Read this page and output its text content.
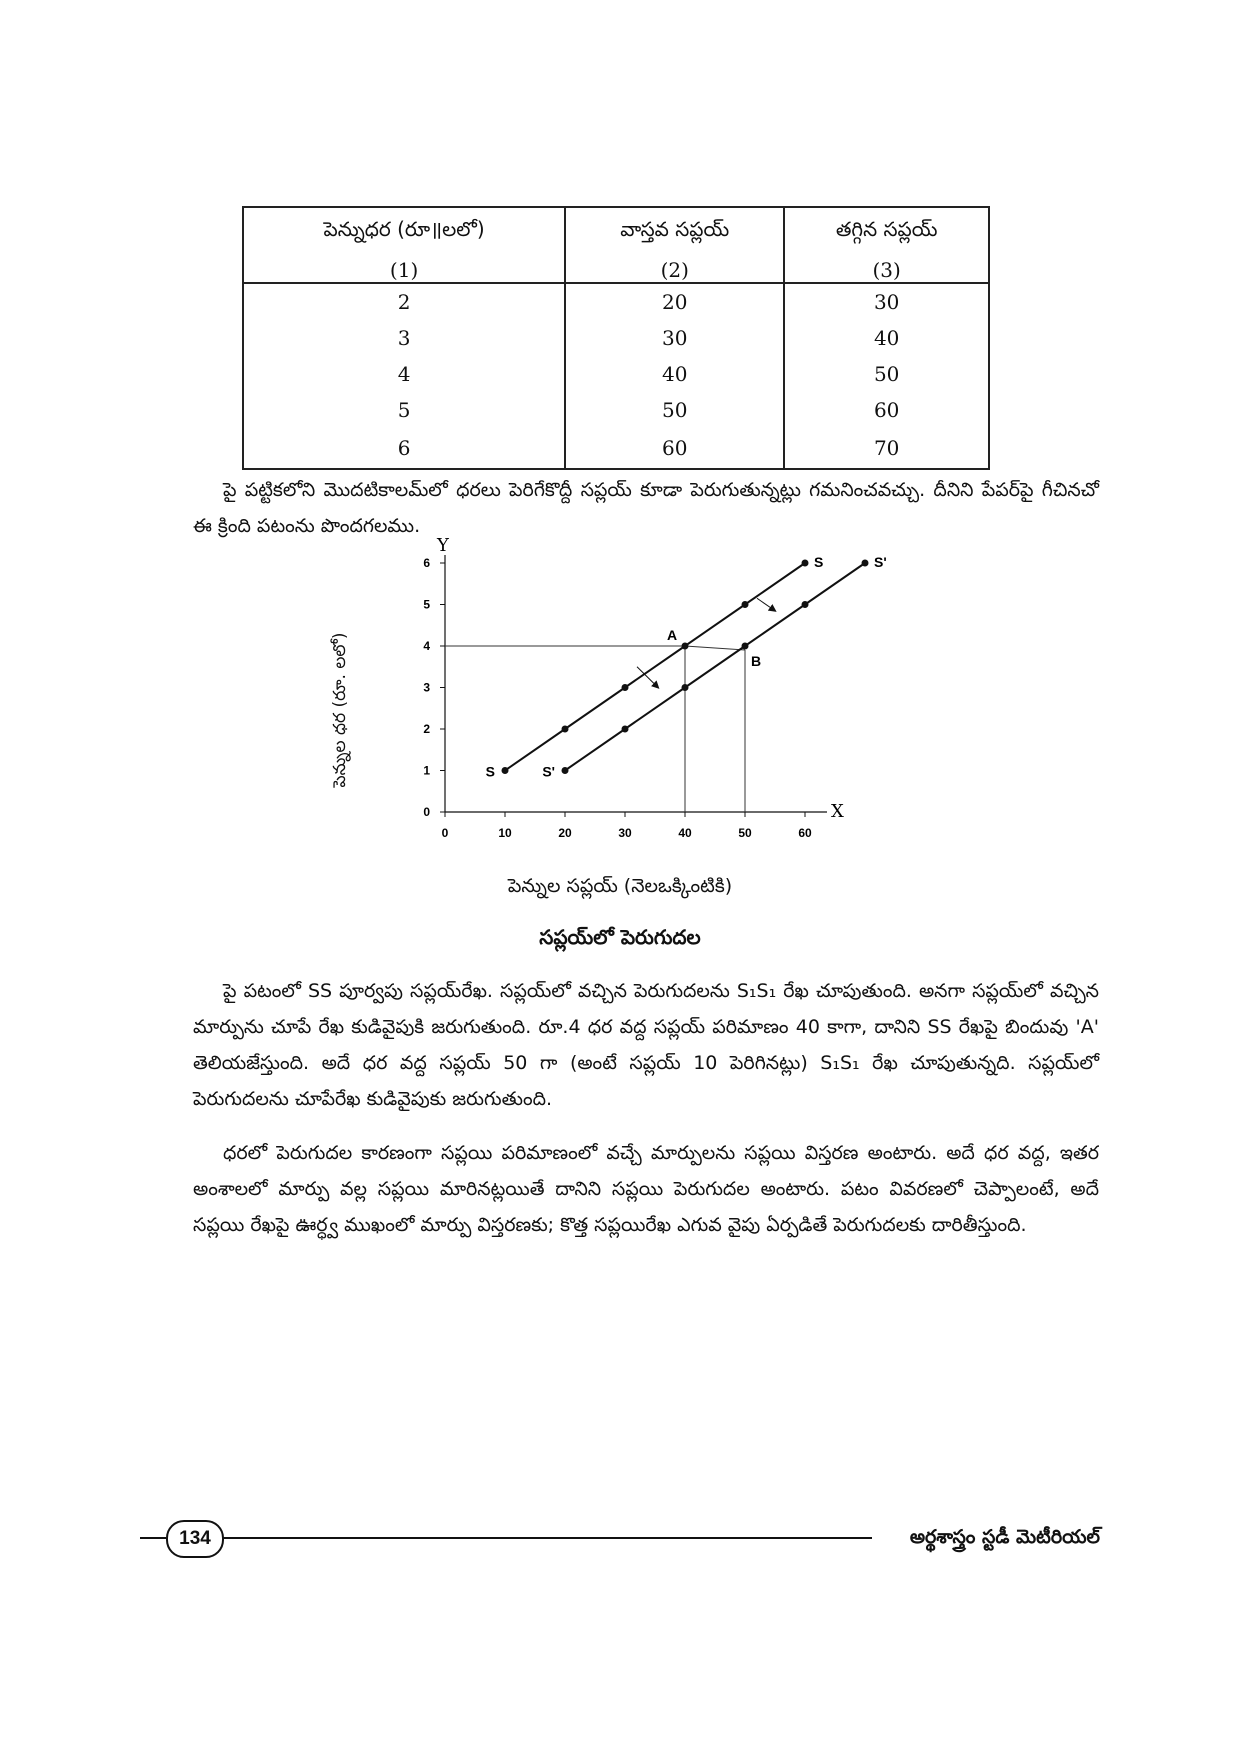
పెన్నుధర (రూ॥లలో)	వాస్తవ సప్లయ్	తగ్గిన సప్లయ్
(1)	(2)	(3)
2	20	30
3	30	40
4	40	50
5	50	60
6	60	70

పై పట్టికలోని మొదటికాలమ్‌లో ధరలు పెరిగేకొద్దీ సప్లయ్ కూడా పెరుగుతున్నట్లు గమనించవచ్చు. దీనిని పేపర్‌పై గీచినచో ఈ క్రింది పటంను పొందగలము.

X
Y
0	10	20	30	40	50	60
0
1
2
3
4
5
6
S
S
S'
S'
A
B
పెన్నుల ధర (రూ. లలో)

పెన్నుల సప్లయ్ (నెలఒక్కింటికి)

సప్లయ్‌లో పెరుగుదల

పై పటంలో SS పూర్వపు సప్లయ్‌రేఖ. సప్లయ్‌లో వచ్చిన పెరుగుదలను S₁S₁ రేఖ చూపుతుంది. అనగా సప్లయ్‌లో వచ్చిన మార్పును చూపే రేఖ కుడివైపుకి జరుగుతుంది. రూ.4 ధర వద్ద సప్లయ్ పరిమాణం 40 కాగా, దానిని SS రేఖపై బిందువు 'A' తెలియజేస్తుంది. అదే ధర వద్ద సప్లయ్ 50 గా (అంటే సప్లయ్ 10 పెరిగినట్లు) S₁S₁ రేఖ చూపుతున్నది. సప్లయ్‌లో పెరుగుదలను చూపేరేఖ కుడివైపుకు జరుగుతుంది.

ధరలో పెరుగుదల కారణంగా సప్లయి పరిమాణంలో వచ్చే మార్పులను సప్లయి విస్తరణ అంటారు. అదే ధర వద్ద, ఇతర అంశాలలో మార్పు వల్ల సప్లయి మారినట్లయితే దానిని సప్లయి పెరుగుదల అంటారు. పటం వివరణలో చెప్పాలంటే, అదే సప్లయి రేఖపై ఊర్ధ్వ ముఖంలో మార్పు విస్తరణకు; కొత్త సప్లయిరేఖ ఎగువ వైపు ఏర్పడితే పెరుగుదలకు దారితీస్తుంది.

134	అర్థశాస్త్రం స్టడీ మెటీరియల్
